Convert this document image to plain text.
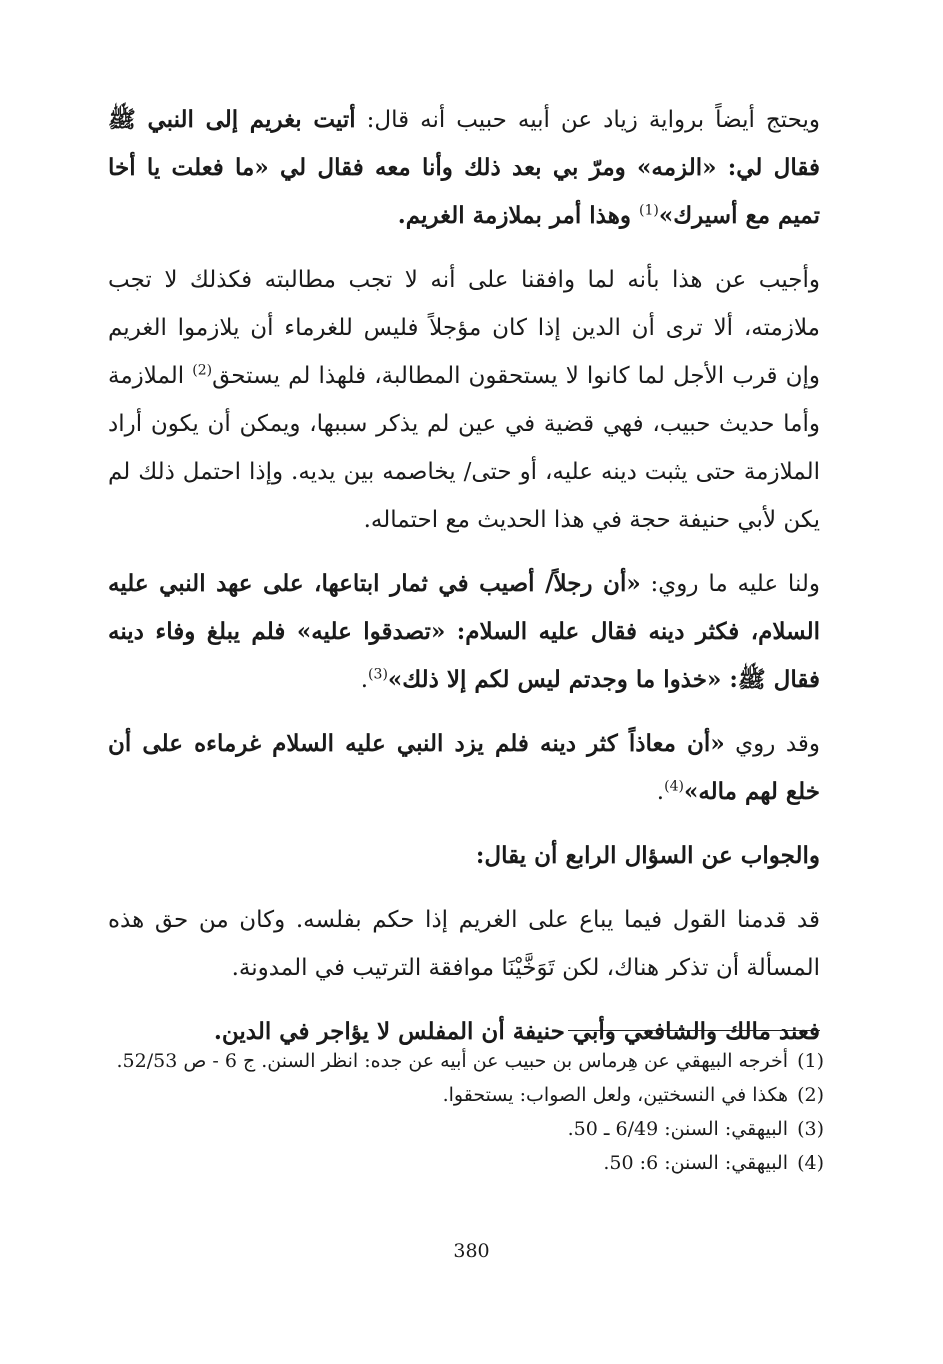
ويحتج أيضاً برواية زياد عن أبيه حبيب أنه قال: أتيت بغريم إلى النبي ﷺ فقال لي: «الزمه» ومرّ بي بعد ذلك وأنا معه فقال لي «ما فعلت يا أخا تميم مع أسيرك»$^{(1)}$ وهذا أمر بملازمة الغريم.

وأجيب عن هذا بأنه لما وافقنا على أنه لا تجب مطالبته فكذلك لا تجب ملازمته، ألا ترى أن الدين إذا كان مؤجلاً فليس للغرماء أن يلازموا الغريم وإن قرب الأجل لما كانوا لا يستحقون المطالبة، فلهذا لم يستحق$^{(2)}$ الملازمة وأما حديث حبيب، فهي قضية في عين لم يذكر سببها، ويمكن أن يكون أراد الملازمة حتى يثبت دينه عليه، أو حتى/ يخاصمه بين يديه. وإذا احتمل ذلك لم يكن لأبي حنيفة حجة في هذا الحديث مع احتماله.

ولنا عليه ما روي: «أن رجلاً/ أصيب في ثمار ابتاعها، على عهد النبي عليه السلام، فكثر دينه فقال عليه السلام: «تصدقوا عليه» فلم يبلغ وفاء دينه فقال ﷺ: «خذوا ما وجدتم ليس لكم إلا ذلك»$^{(3)}$.

وقد روي «أن معاذاً كثر دينه فلم يزد النبي عليه السلام غرماءه على أن خلع لهم ماله»$^{(4)}$.

والجواب عن السؤال الرابع أن يقال:

قد قدمنا القول فيما يباع على الغريم إذا حكم بفلسه. وكان من حق هذه المسألة أن تذكر هناك، لكن تَوَخَّيْنَا موافقة الترتيب في المدونة.

فعند مالك والشافعي وأبي حنيفة أن المفلس لا يؤاجر في الدين.

(1)
أخرجه البيهقي عن هِرماس بن حبيب عن أبيه عن جده: انظر السنن. ج 6 - ص 52/53.
(2)
هكذا في النسختين، ولعل الصواب: يستحقوا.
(3)
البيهقي: السنن: 6/49 ـ 50.
(4)
البيهقي: السنن: 6: 50.
380
